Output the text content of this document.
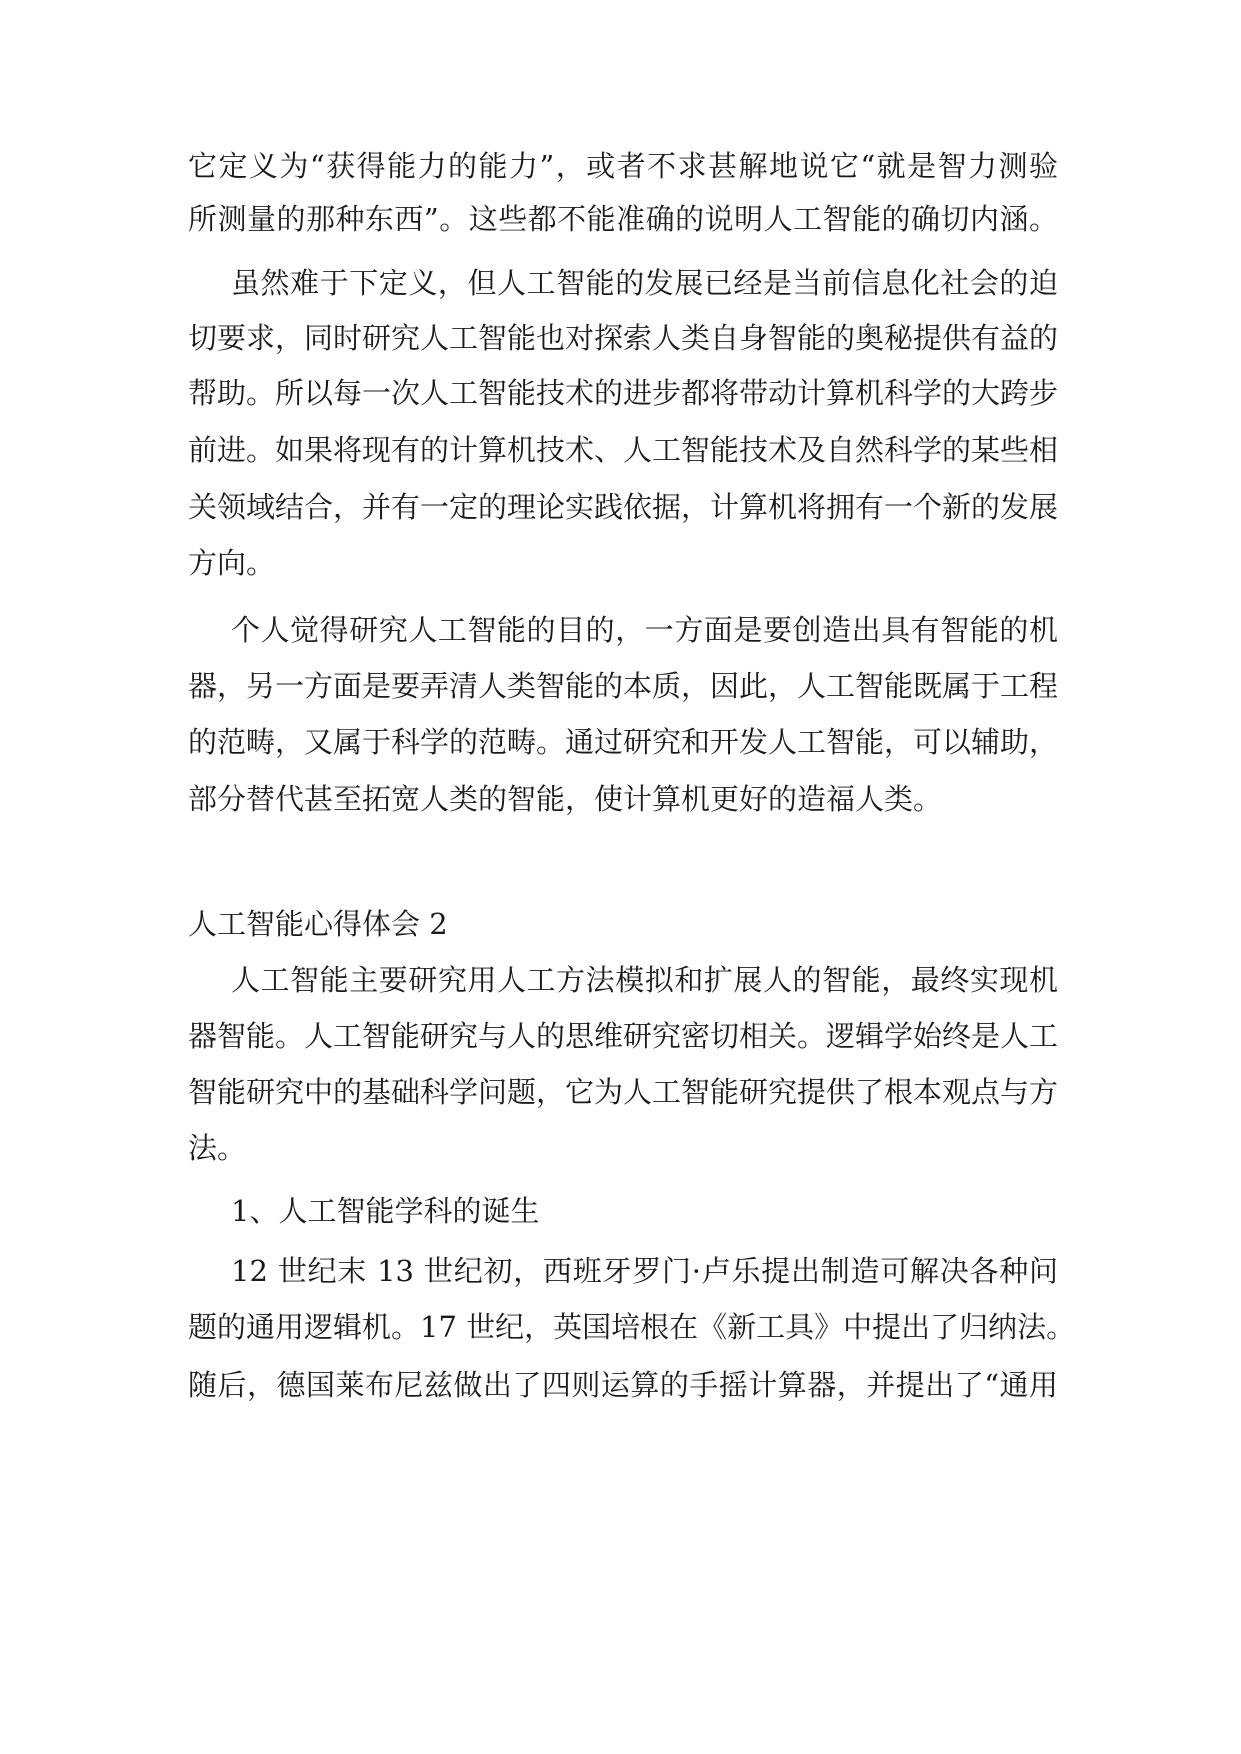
它定义为“获得能力的能力”，或者不求甚解地说它“就是智力测验

所测量的那种东西”。这些都不能准确的说明人工智能的确切内涵。

虽然难于下定义，但人工智能的发展已经是当前信息化社会的迫

切要求，同时研究人工智能也对探索人类自身智能的奥秘提供有益的

帮助。所以每一次人工智能技术的进步都将带动计算机科学的大跨步

前进。如果将现有的计算机技术、人工智能技术及自然科学的某些相

关领域结合，并有一定的理论实践依据，计算机将拥有一个新的发展

方向。

个人觉得研究人工智能的目的，一方面是要创造出具有智能的机

器，另一方面是要弄清人类智能的本质，因此，人工智能既属于工程

的范畴，又属于科学的范畴。通过研究和开发人工智能，可以辅助，

部分替代甚至拓宽人类的智能，使计算机更好的造福人类。

人工智能心得体会 2

人工智能主要研究用人工方法模拟和扩展人的智能，最终实现机

器智能。人工智能研究与人的思维研究密切相关。逻辑学始终是人工

智能研究中的基础科学问题，它为人工智能研究提供了根本观点与方

法。

1、人工智能学科的诞生

12 世纪末 13 世纪初，西班牙罗门·卢乐提出制造可解决各种问

题的通用逻辑机。17 世纪，英国培根在《新工具》中提出了归纳法。

随后，德国莱布尼兹做出了四则运算的手摇计算器，并提出了“通用
